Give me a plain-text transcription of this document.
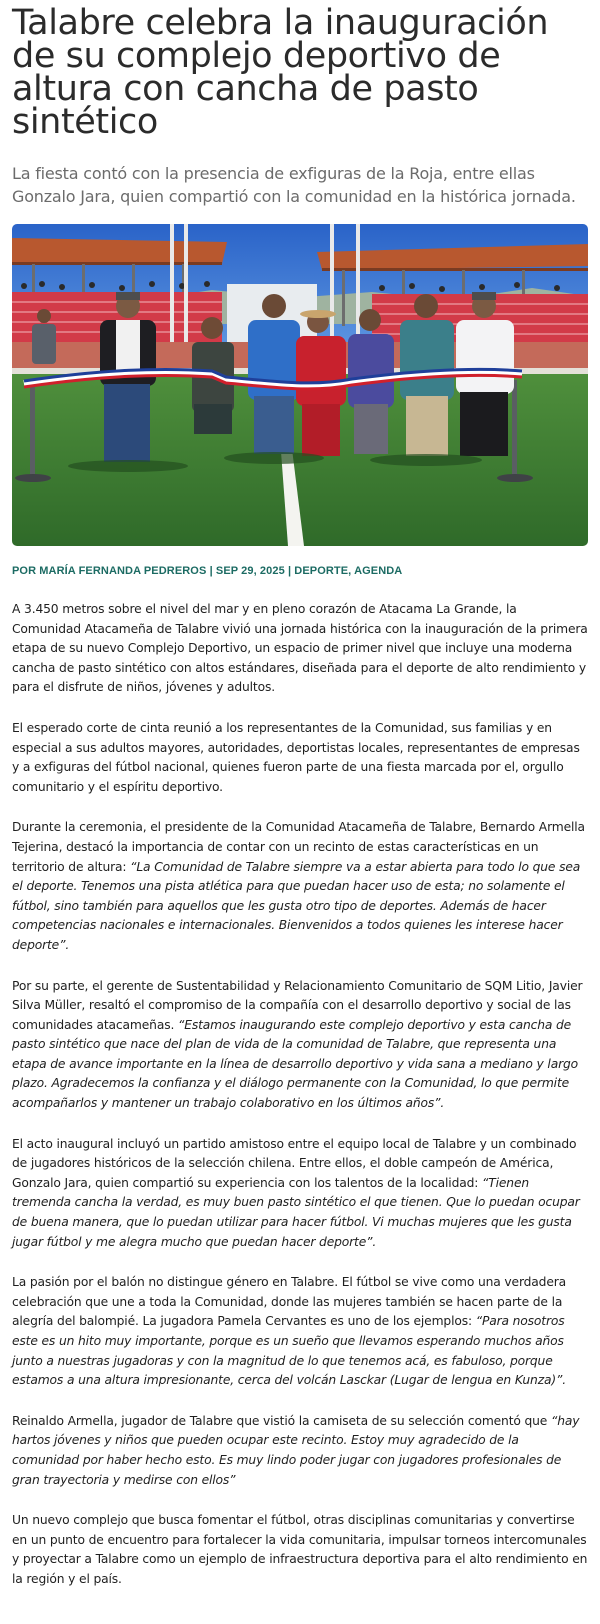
Talabre celebra la inauguración de su complejo deportivo de altura con cancha de pasto sintético

La fiesta contó con la presencia de exfiguras de la Roja, entre ellas Gonzalo Jara, quien compartió con la comunidad en la histórica jornada.

POR MARÍA FERNANDA PEDREROS | SEP 29, 2025 | DEPORTE, AGENDA

A 3.450 metros sobre el nivel del mar y en pleno corazón de Atacama La Grande, la Comunidad Atacameña de Talabre vivió una jornada histórica con la inauguración de la primera etapa de su nuevo Complejo Deportivo, un espacio de primer nivel que incluye una moderna cancha de pasto sintético con altos estándares, diseñada para el deporte de alto rendimiento y para el disfrute de niños, jóvenes y adultos.

El esperado corte de cinta reunió a los representantes de la Comunidad, sus familias y en especial a sus adultos mayores, autoridades, deportistas locales, representantes de empresas y a exfiguras del fútbol nacional, quienes fueron parte de una fiesta marcada por el, orgullo comunitario y el espíritu deportivo.

Durante la ceremonia, el presidente de la Comunidad Atacameña de Talabre, Bernardo Armella Tejerina, destacó la importancia de contar con un recinto de estas características en un territorio de altura: “La Comunidad de Talabre siempre va a estar abierta para todo lo que sea el deporte. Tenemos una pista atlética para que puedan hacer uso de esta; no solamente el fútbol, sino también para aquellos que les gusta otro tipo de deportes. Además de hacer competencias nacionales e internacionales. Bienvenidos a todos quienes les interese hacer deporte”.

Por su parte, el gerente de Sustentabilidad y Relacionamiento Comunitario de SQM Litio, Javier Silva Müller, resaltó el compromiso de la compañía con el desarrollo deportivo y social de las comunidades atacameñas. “Estamos inaugurando este complejo deportivo y esta cancha de pasto sintético que nace del plan de vida de la comunidad de Talabre, que representa una etapa de avance importante en la línea de desarrollo deportivo y vida sana a mediano y largo plazo. Agradecemos la confianza y el diálogo permanente con la Comunidad, lo que permite acompañarlos y mantener un trabajo colaborativo en los últimos años”.

El acto inaugural incluyó un partido amistoso entre el equipo local de Talabre y un combinado de jugadores históricos de la selección chilena. Entre ellos, el doble campeón de América, Gonzalo Jara, quien compartió su experiencia con los talentos de la localidad: “Tienen tremenda cancha la verdad, es muy buen pasto sintético el que tienen. Que lo puedan ocupar de buena manera, que lo puedan utilizar para hacer fútbol. Vi muchas mujeres que les gusta jugar fútbol y me alegra mucho que puedan hacer deporte”.

La pasión por el balón no distingue género en Talabre. El fútbol se vive como una verdadera celebración que une a toda la Comunidad, donde las mujeres también se hacen parte de la alegría del balompié. La jugadora Pamela Cervantes es uno de los ejemplos: “Para nosotros este es un hito muy importante, porque es un sueño que llevamos esperando muchos años junto a nuestras jugadoras y con la magnitud de lo que tenemos acá, es fabuloso, porque estamos a una altura impresionante, cerca del volcán Lasckar (Lugar de lengua en Kunza)”.

Reinaldo Armella, jugador de Talabre que vistió la camiseta de su selección comentó que “hay hartos jóvenes y niños que pueden ocupar este recinto. Estoy muy agradecido de la comunidad por haber hecho esto. Es muy lindo poder jugar con jugadores profesionales de gran trayectoria y medirse con ellos”

Un nuevo complejo que busca fomentar el fútbol, otras disciplinas comunitarias y convertirse en un punto de encuentro para fortalecer la vida comunitaria, impulsar torneos intercomunales y proyectar a Talabre como un ejemplo de infraestructura deportiva para el alto rendimiento en la región y el país.
